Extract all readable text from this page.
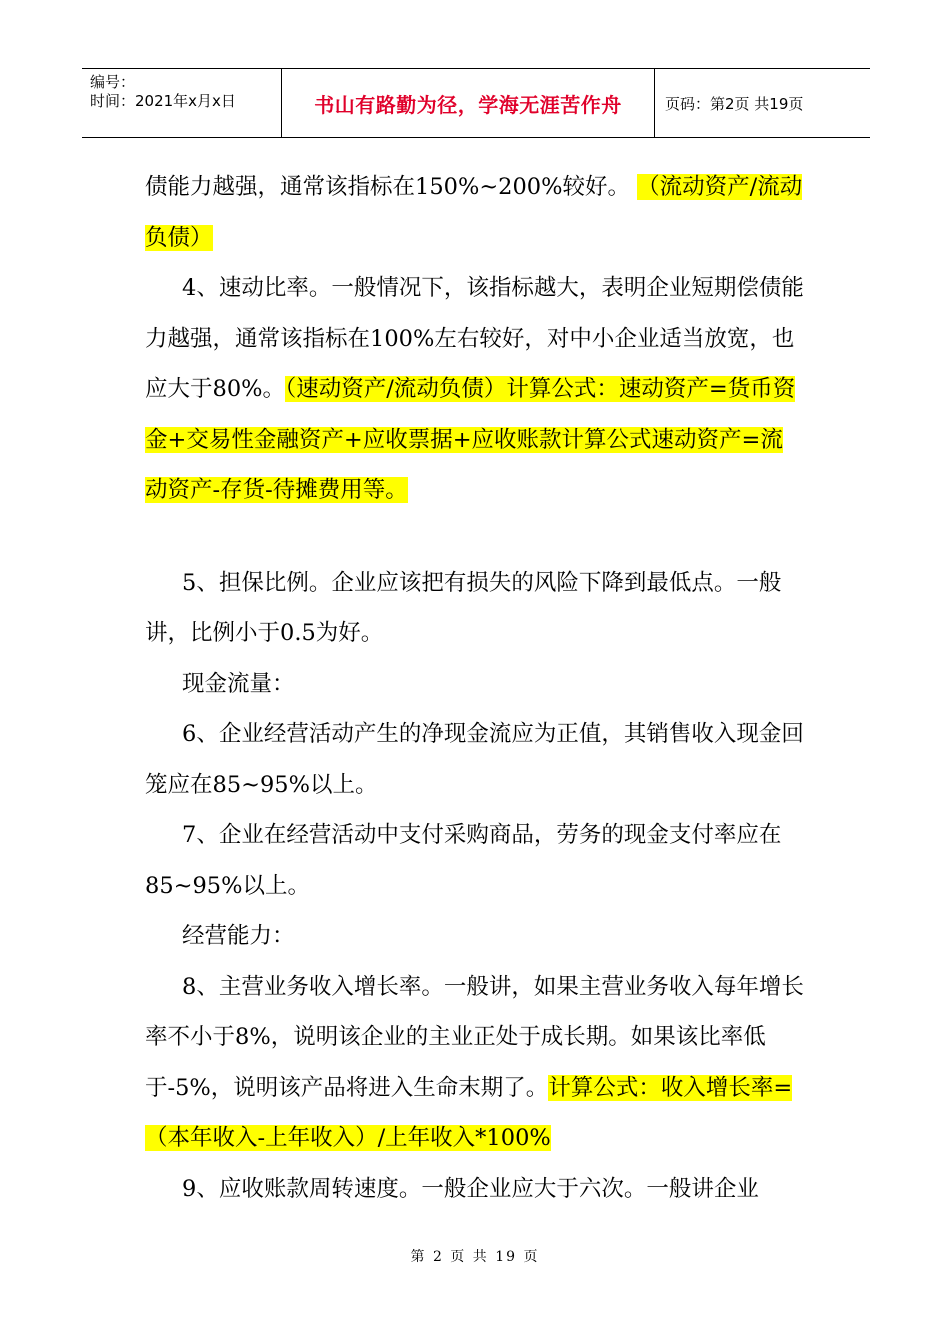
编号：
时间：2021年x月x日	书山有路勤为径，学海无涯苦作舟	页码：第2页 共19页

债能力越强，通常该指标在150%~200%较好。 （流动资产/流动负债）

4、速动比率。一般情况下，该指标越大，表明企业短期偿债能力越强，通常该指标在100%左右较好，对中小企业适当放宽，也应大于80%。（速动资产/流动负债）计算公式：速动资产=货币资金+交易性金融资产+应收票据+应收账款计算公式速动资产=流动资产-存货-待摊费用等。

5、担保比例。企业应该把有损失的风险下降到最低点。一般讲，比例小于0.5为好。

现金流量：

6、企业经营活动产生的净现金流应为正值，其销售收入现金回笼应在85~95%以上。

7、企业在经营活动中支付采购商品，劳务的现金支付率应在85~95%以上。

经营能力：

8、主营业务收入增长率。一般讲，如果主营业务收入每年增长率不小于8%，说明该企业的主业正处于成长期。如果该比率低于-5%，说明该产品将进入生命末期了。计算公式：收入增长率=（本年收入-上年收入）/上年收入*100%

9、应收账款周转速度。一般企业应大于六次。一般讲企业

第 2 页 共 19 页
